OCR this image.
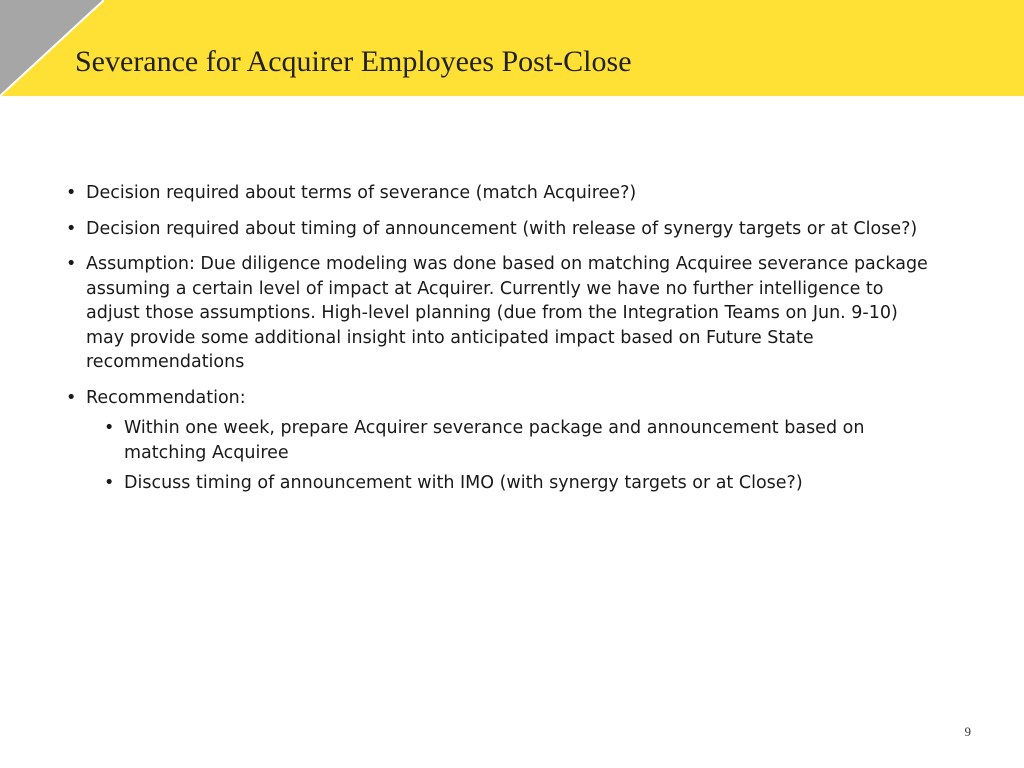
Severance for Acquirer Employees Post-Close
• Decision required about terms of severance (match Acquiree?)
• Decision required about timing of announcement (with release of synergy targets or at Close?)
• Assumption: Due diligence modeling was done based on matching Acquiree severance package assuming a certain level of impact at Acquirer. Currently we have no further intelligence to adjust those assumptions. High-level planning (due from the Integration Teams on Jun. 9-10) may provide some additional insight into anticipated impact based on Future State recommendations
• Recommendation:
• Within one week, prepare Acquirer severance package and announcement based on matching Acquiree
• Discuss timing of announcement with IMO (with synergy targets or at Close?)
9
